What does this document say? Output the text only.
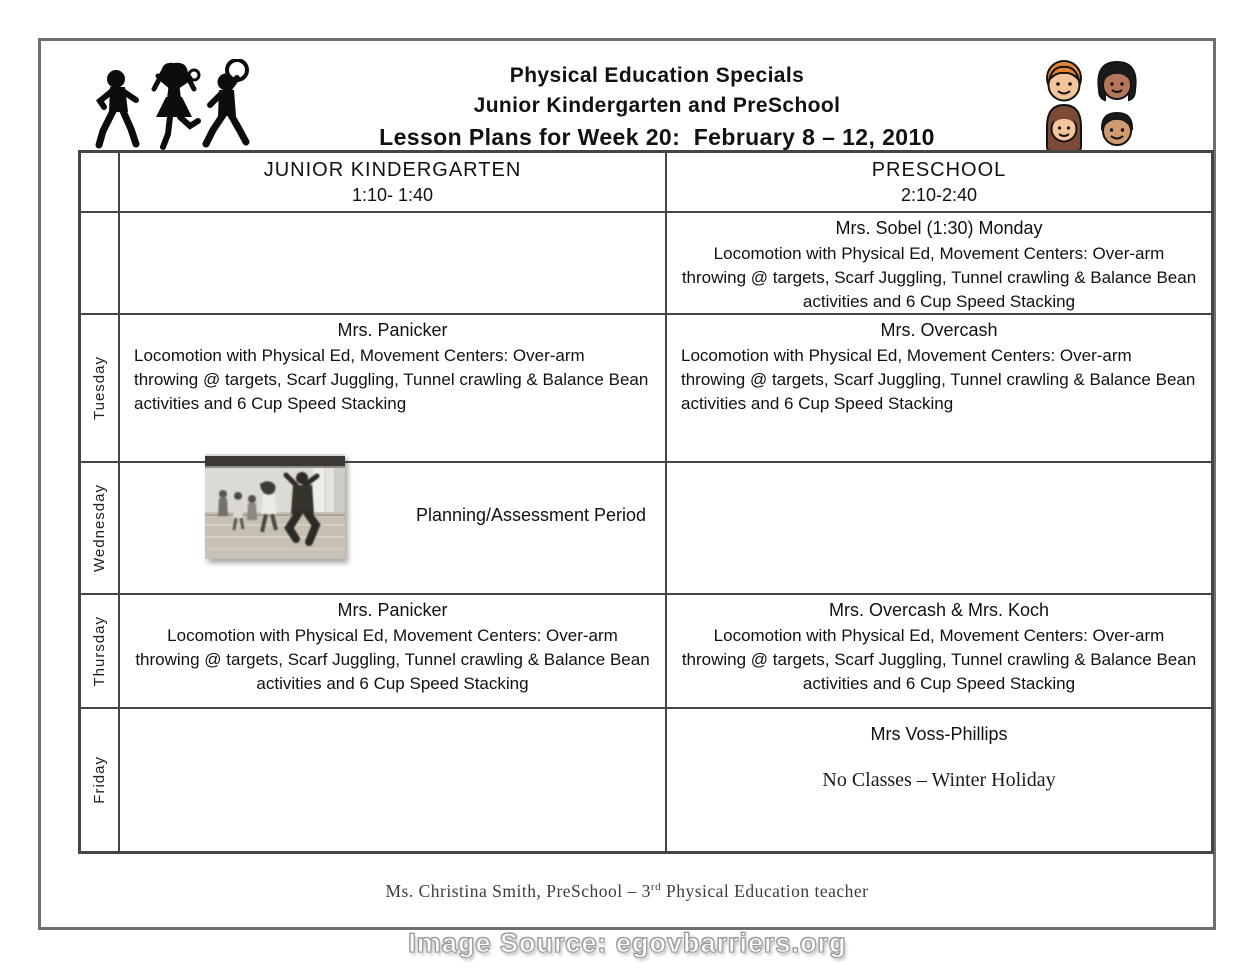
Physical Education Specials
Junior Kindergarten and PreSchool
Lesson Plans for Week 20:  February 8 – 12, 2010
JUNIOR KINDERGARTEN
1:10- 1:40
PRESCHOOL
2:10-2:40
Mrs. Sobel (1:30) Monday
Locomotion with Physical Ed, Movement Centers: Over-arm throwing @ targets, Scarf Juggling, Tunnel crawling & Balance Bean activities and 6 Cup Speed Stacking
Tuesday
Mrs. Panicker
Locomotion with Physical Ed, Movement Centers: Over-arm throwing @ targets, Scarf Juggling, Tunnel crawling & Balance Bean activities and 6 Cup Speed Stacking
Mrs. Overcash
Locomotion with Physical Ed, Movement Centers: Over-arm throwing @ targets, Scarf Juggling, Tunnel crawling & Balance Bean activities and 6 Cup Speed Stacking
Wednesday	Planning/Assessment Period
Thursday
Mrs. Panicker
Locomotion with Physical Ed, Movement Centers: Over-arm throwing @ targets, Scarf Juggling, Tunnel crawling & Balance Bean activities and 6 Cup Speed Stacking
Mrs. Overcash & Mrs. Koch
Locomotion with Physical Ed, Movement Centers: Over-arm throwing @ targets, Scarf Juggling, Tunnel crawling & Balance Bean activities and 6 Cup Speed Stacking
Friday
Mrs Voss-Phillips
No Classes – Winter Holiday
Ms. Christina Smith, PreSchool – 3rd Physical Education teacher
Image Source: egovbarriers.org
